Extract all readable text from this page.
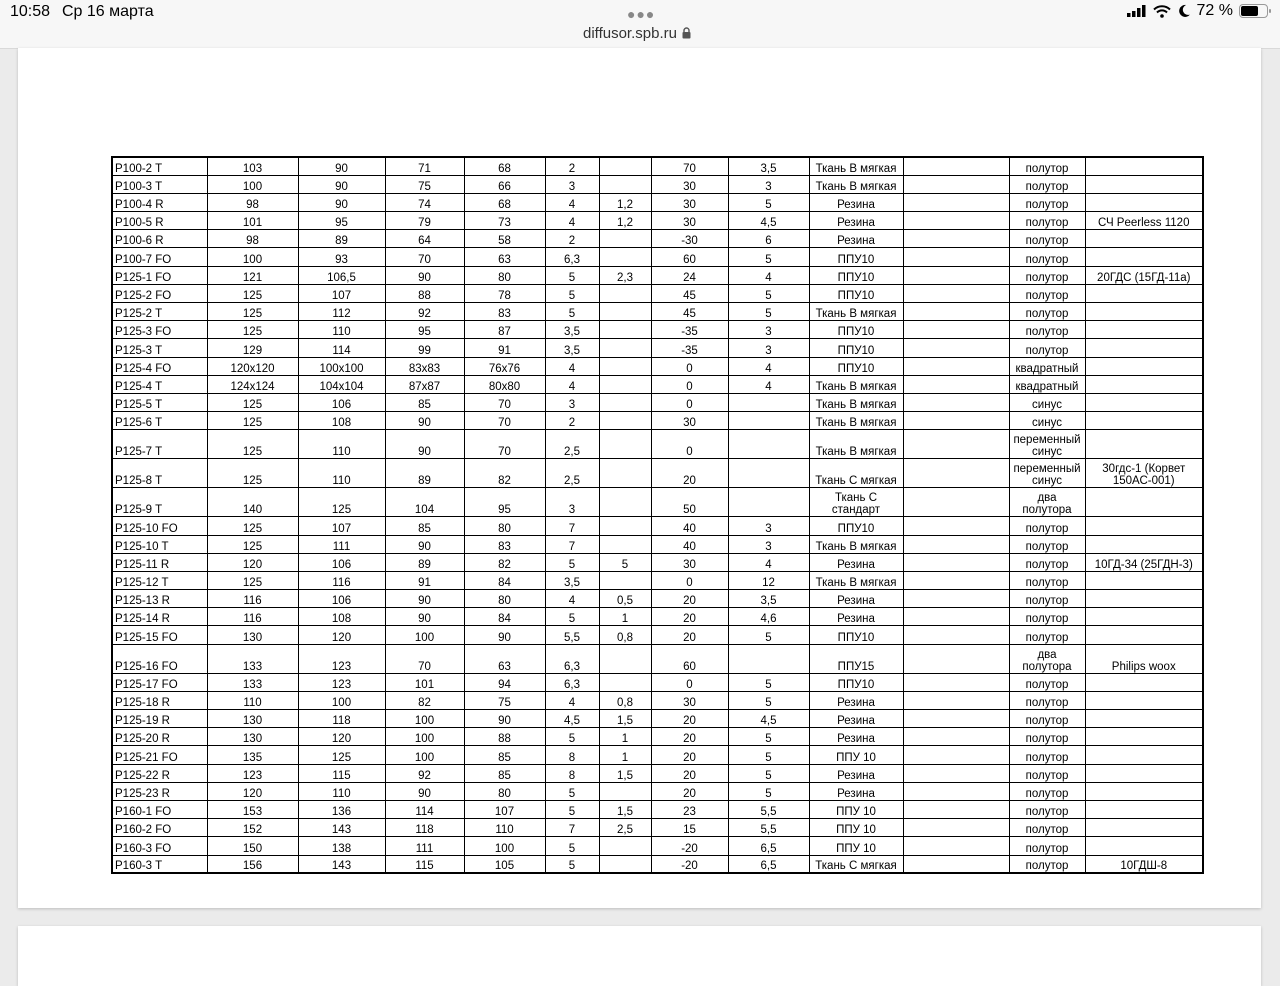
10:58 Ср 16 марта	●●●
diffusor.spb.ru
72 %
P100-2 T	103	90	71	68	2		70	3,5	Ткань B мягкая		полутор	
P100-3 T	100	90	75	66	3		30	3	Ткань B мягкая		полутор	
P100-4 R	98	90	74	68	4	1,2	30	5	Резина		полутор	
P100-5 R	101	95	79	73	4	1,2	30	4,5	Резина		полутор	СЧ Peerless 1120
P100-6 R	98	89	64	58	2		-30	6	Резина		полутор	
P100-7 FO	100	93	70	63	6,3		60	5	ППУ10		полутор	
P125-1 FO	121	106,5	90	80	5	2,3	24	4	ППУ10		полутор	20ГДС (15ГД-11а)
P125-2 FO	125	107	88	78	5		45	5	ППУ10		полутор	
P125-2 T	125	112	92	83	5		45	5	Ткань B мягкая		полутор	
P125-3 FO	125	110	95	87	3,5		-35	3	ППУ10		полутор	
P125-3 T	129	114	99	91	3,5		-35	3	ППУ10		полутор	
P125-4 FO	120x120	100x100	83x83	76x76	4		0	4	ППУ10		квадратный	
P125-4 T	124x124	104x104	87x87	80x80	4		0	4	Ткань B мягкая		квадратный	
P125-5 T	125	106	85	70	3		0		Ткань B мягкая		синус	
P125-6 T	125	108	90	70	2		30		Ткань B мягкая		синус	
P125-7 T	125	110	90	70	2,5		0		Ткань B мягкая		переменный синус	
P125-8 T	125	110	89	82	2,5		20		Ткань C мягкая		переменный синус	30гдс-1 (Корвет 150АС-001)
P125-9 T	140	125	104	95	3		50		Ткань C стандарт		два полутора	
P125-10 FO	125	107	85	80	7		40	3	ППУ10		полутор	
P125-10 T	125	111	90	83	7		40	3	Ткань B мягкая		полутор	
P125-11 R	120	106	89	82	5	5	30	4	Резина		полутор	10ГД-34 (25ГДН-3)
P125-12 T	125	116	91	84	3,5		0	12	Ткань B мягкая		полутор	
P125-13 R	116	106	90	80	4	0,5	20	3,5	Резина		полутор	
P125-14 R	116	108	90	84	5	1	20	4,6	Резина		полутор	
P125-15 FO	130	120	100	90	5,5	0,8	20	5	ППУ10		полутор	
P125-16 FO	133	123	70	63	6,3		60		ППУ15		два полутора	Philips woox
P125-17 FO	133	123	101	94	6,3		0	5	ППУ10		полутор	
P125-18 R	110	100	82	75	4	0,8	30	5	Резина		полутор	
P125-19 R	130	118	100	90	4,5	1,5	20	4,5	Резина		полутор	
P125-20 R	130	120	100	88	5	1	20	5	Резина		полутор	
P125-21 FO	135	125	100	85	8	1	20	5	ППУ 10		полутор	
P125-22 R	123	115	92	85	8	1,5	20	5	Резина		полутор	
P125-23 R	120	110	90	80	5		20	5	Резина		полутор	
P160-1 FO	153	136	114	107	5	1,5	23	5,5	ППУ 10		полутор	
P160-2 FO	152	143	118	110	7	2,5	15	5,5	ППУ 10		полутор	
P160-3 FO	150	138	111	100	5		-20	6,5	ППУ 10		полутор	
P160-3 T	156	143	115	105	5		-20	6,5	Ткань C мягкая		полутор	10ГДШ-8
